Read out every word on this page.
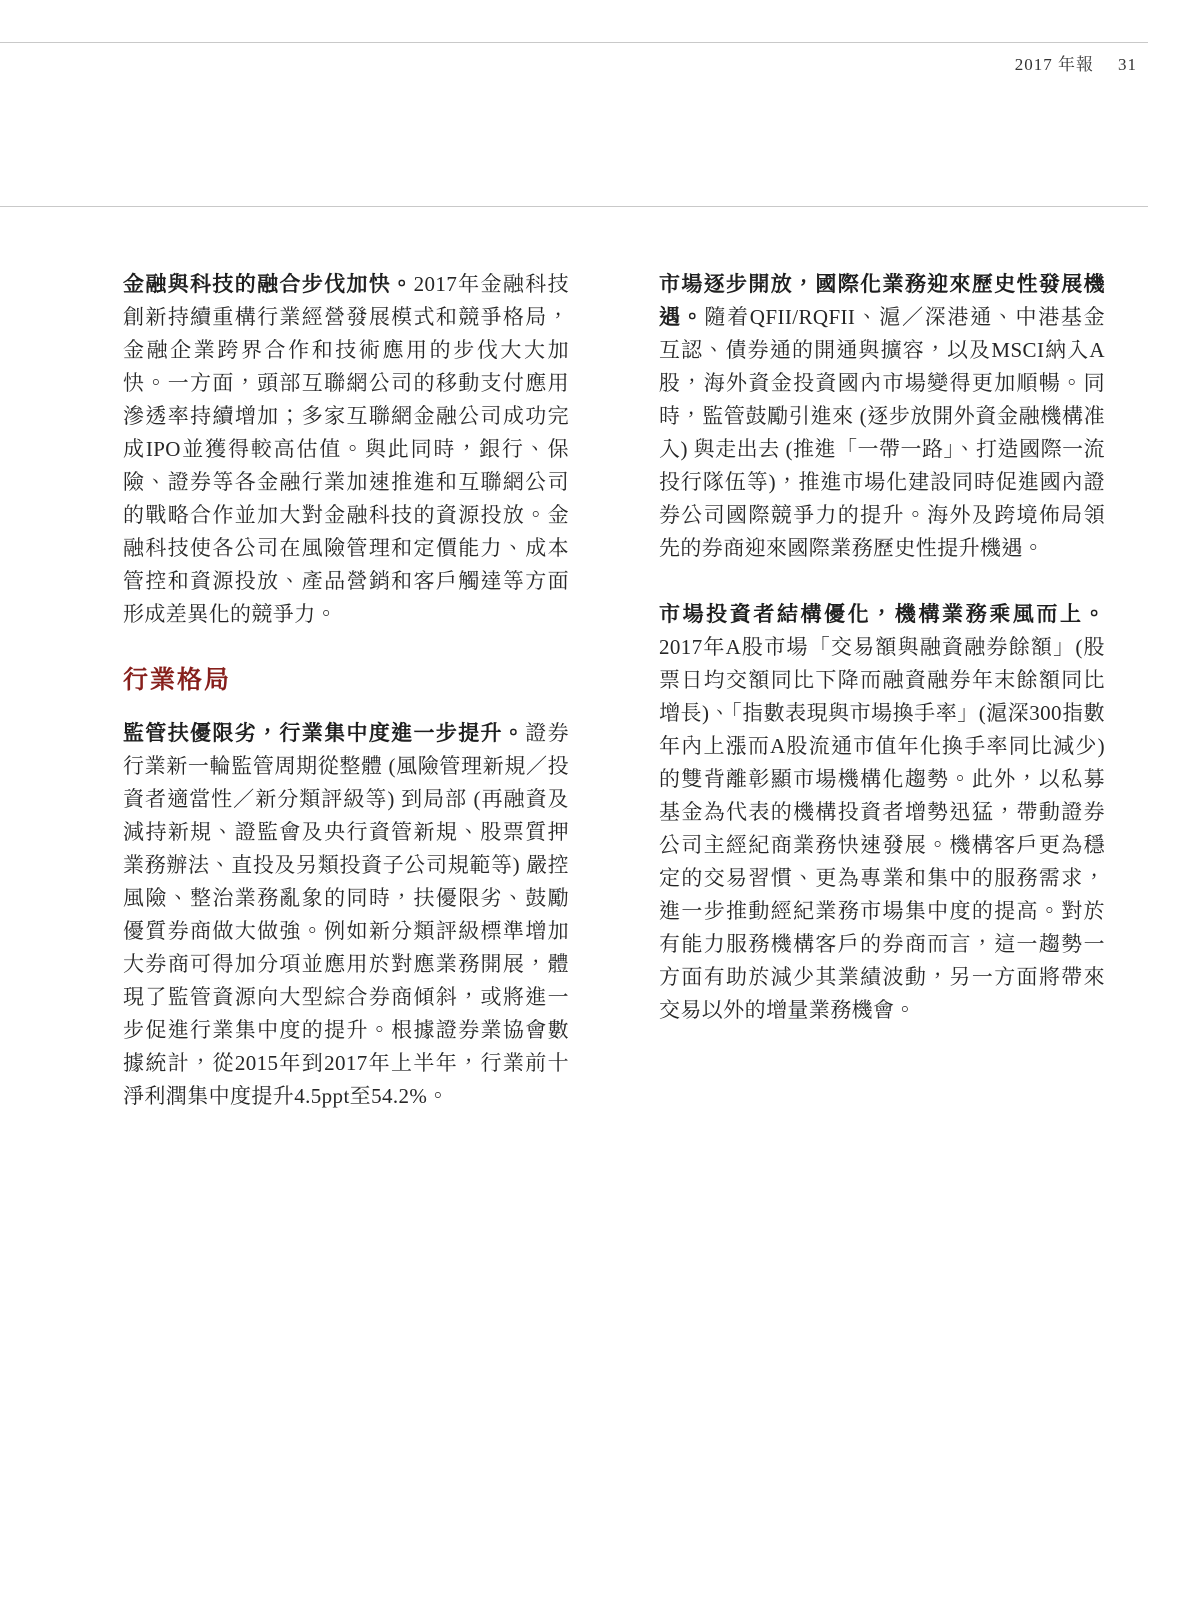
2017 年報 31

金融與科技的融合步伐加快。2017年金融科技創新持續重構行業經營發展模式和競爭格局，金融企業跨界合作和技術應用的步伐大大加快。一方面，頭部互聯網公司的移動支付應用滲透率持續增加；多家互聯網金融公司成功完成IPO並獲得較高估值。與此同時，銀行、保險、證券等各金融行業加速推進和互聯網公司的戰略合作並加大對金融科技的資源投放。金融科技使各公司在風險管理和定價能力、成本管控和資源投放、產品營銷和客戶觸達等方面形成差異化的競爭力。

行業格局

監管扶優限劣，行業集中度進一步提升。證券行業新一輪監管周期從整體 (風險管理新規／投資者適當性／新分類評級等) 到局部 (再融資及減持新規、證監會及央行資管新規、股票質押業務辦法、直投及另類投資子公司規範等) 嚴控風險、整治業務亂象的同時，扶優限劣、鼓勵優質券商做大做強。例如新分類評級標準增加大券商可得加分項並應用於對應業務開展，體現了監管資源向大型綜合券商傾斜，或將進一步促進行業集中度的提升。根據證券業協會數據統計，從2015年到2017年上半年，行業前十淨利潤集中度提升4.5ppt至54.2%。

市場逐步開放，國際化業務迎來歷史性發展機遇。隨着QFII/RQFII、滬／深港通、中港基金互認、債券通的開通與擴容，以及MSCI納入A股，海外資金投資國內市場變得更加順暢。同時，監管鼓勵引進來 (逐步放開外資金融機構准入) 與走出去 (推進「一帶一路」、打造國際一流投行隊伍等)，推進市場化建設同時促進國內證券公司國際競爭力的提升。海外及跨境佈局領先的券商迎來國際業務歷史性提升機遇。

市場投資者結構優化，機構業務乘風而上。2017年A股市場「交易額與融資融券餘額」(股票日均交額同比下降而融資融券年末餘額同比增長)、「指數表現與市場換手率」(滬深300指數年內上漲而A股流通市值年化換手率同比減少) 的雙背離彰顯市場機構化趨勢。此外，以私募基金為代表的機構投資者增勢迅猛，帶動證券公司主經紀商業務快速發展。機構客戶更為穩定的交易習慣、更為專業和集中的服務需求，進一步推動經紀業務市場集中度的提高。對於有能力服務機構客戶的券商而言，這一趨勢一方面有助於減少其業績波動，另一方面將帶來交易以外的增量業務機會。
